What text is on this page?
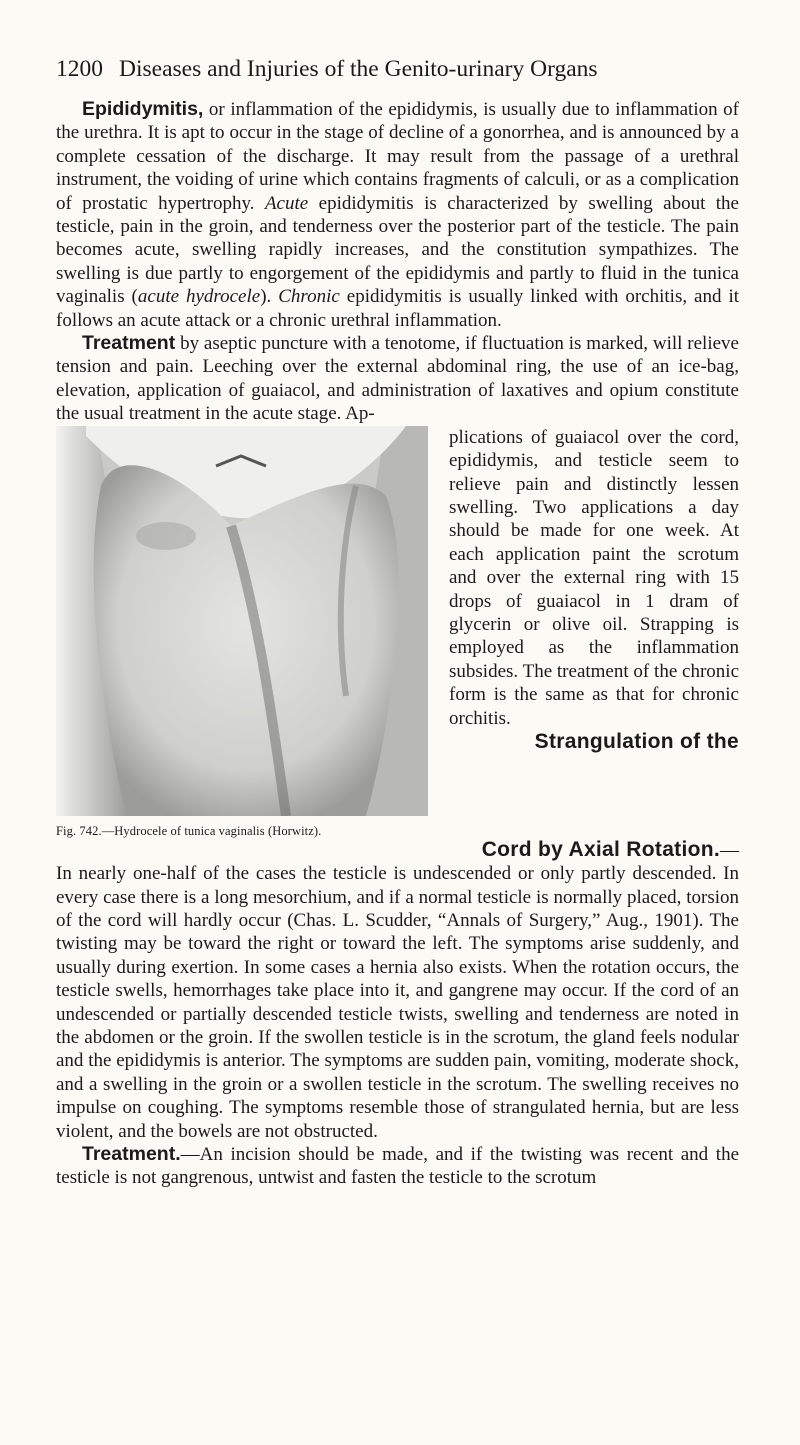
1200 Diseases and Injuries of the Genito-urinary Organs

Epididymitis, or inflammation of the epididymis, is usually due to inflammation of the urethra. It is apt to occur in the stage of decline of a gonorrhea, and is announced by a complete cessation of the discharge. It may result from the passage of a urethral instrument, the voiding of urine which contains fragments of calculi, or as a complication of prostatic hypertrophy. Acute epididymitis is characterized by swelling about the testicle, pain in the groin, and tenderness over the posterior part of the testicle. The pain becomes acute, swelling rapidly increases, and the constitution sympathizes. The swelling is due partly to engorgement of the epididymis and partly to fluid in the tunica vaginalis (acute hydrocele). Chronic epididymitis is usually linked with orchitis, and it follows an acute attack or a chronic urethral inflammation.

Treatment by aseptic puncture with a tenotome, if fluctuation is marked, will relieve tension and pain. Leeching over the external abdominal ring, the use of an ice-bag, elevation, application of guaiacol, and administration of laxatives and opium constitute the usual treatment in the acute stage. Ap-

Fig. 742.—Hydrocele of tunica vaginalis (Horwitz).

plications of guaiacol over the cord, epididymis, and testicle seem to relieve pain and distinctly lessen swelling. Two applications a day should be made for one week. At each application paint the scrotum and over the external ring with 15 drops of guaiacol in 1 dram of glycerin or olive oil. Strapping is employed as the inflammation subsides. The treatment of the chronic form is the same as that for chronic orchitis.

Strangulation of the
Cord by Axial Rotation.—

In nearly one-half of the cases the testicle is undescended or only partly descended. In every case there is a long mesorchium, and if a normal testicle is normally placed, torsion of the cord will hardly occur (Chas. L. Scudder, “Annals of Surgery,” Aug., 1901). The twisting may be toward the right or toward the left. The symptoms arise suddenly, and usually during exertion. In some cases a hernia also exists. When the rotation occurs, the testicle swells, hemorrhages take place into it, and gangrene may occur. If the cord of an undescended or partially descended testicle twists, swelling and tenderness are noted in the abdomen or the groin. If the swollen testicle is in the scrotum, the gland feels nodular and the epididymis is anterior. The symptoms are sudden pain, vomiting, moderate shock, and a swelling in the groin or a swollen testicle in the scrotum. The swelling receives no impulse on coughing. The symptoms resemble those of strangulated hernia, but are less violent, and the bowels are not obstructed.

Treatment.—An incision should be made, and if the twisting was recent and the testicle is not gangrenous, untwist and fasten the testicle to the scrotum
